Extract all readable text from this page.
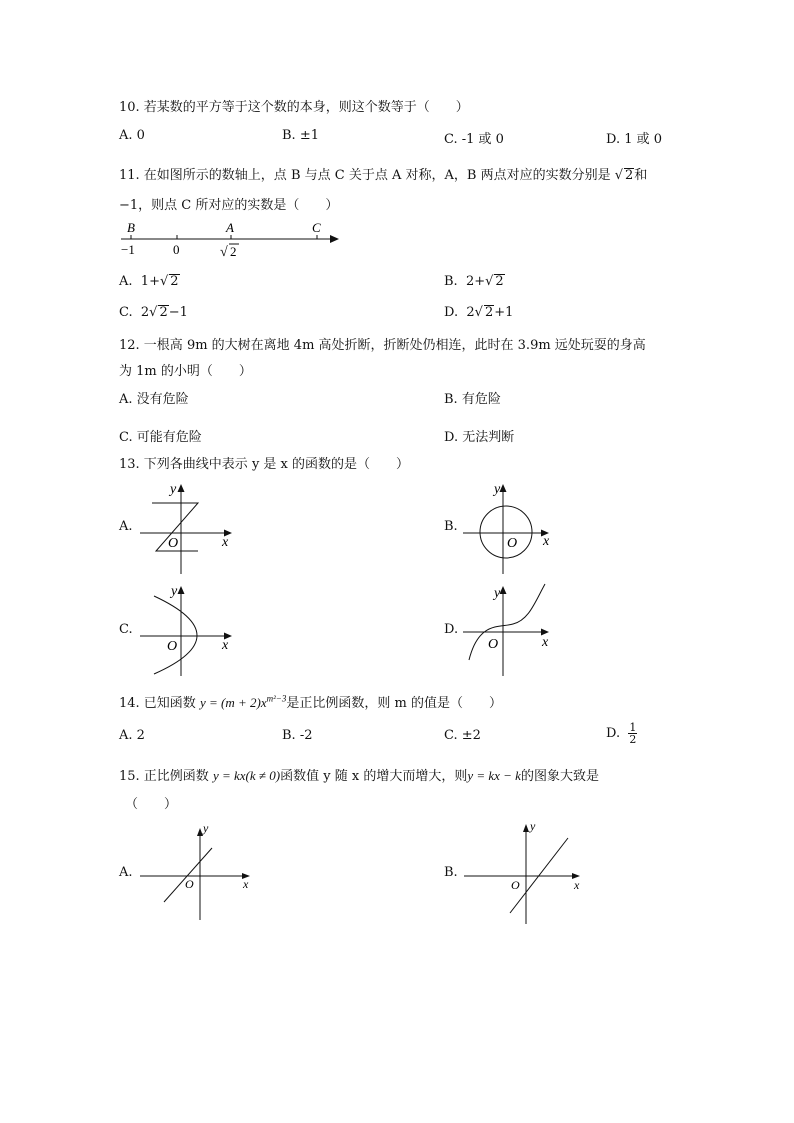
10. 若某数的平方等于这个数的本身，则这个数等于（　　）
A. 0	B. ±1	C. -1 或 0	D. 1 或 0
11. 在如图所示的数轴上，点 B 与点 C 关于点 A 对称，A，B 两点对应的实数分别是 √ 2和
−1，则点 C 所对应的实数是（　　）
B	A	C
−1	0	√ 2
A. 1+√ 2	B. 2+√ 2
C. 2√ 2−1	D. 2√ 2+1
12. 一根高 9m 的大树在离地 4m 高处折断，折断处仍相连，此时在 3.9m 远处玩耍的身高
为 1m 的小明（　　）
A. 没有危险	B. 有危险
C. 可能有危险	D. 无法判断
13. 下列各曲线中表示 y 是 x 的函数的是（　　）
A.
y
x
O
B.
y
x
O
C.
y
x
O
D.
y
x
O
14. 已知函数 $y = (m + 2)x^{m^2-3}$是正比例函数，则 m 的值是（　　）
A. 2	B. -2	C. ±2	D. $\frac{1}{2}$
15. 正比例函数 y = kx(k ≠ 0)函数值 y 随 x 的增大而增大，则y = kx − k的图象大致是
（　　）
A.
y
x
O
B.
y
x
O
